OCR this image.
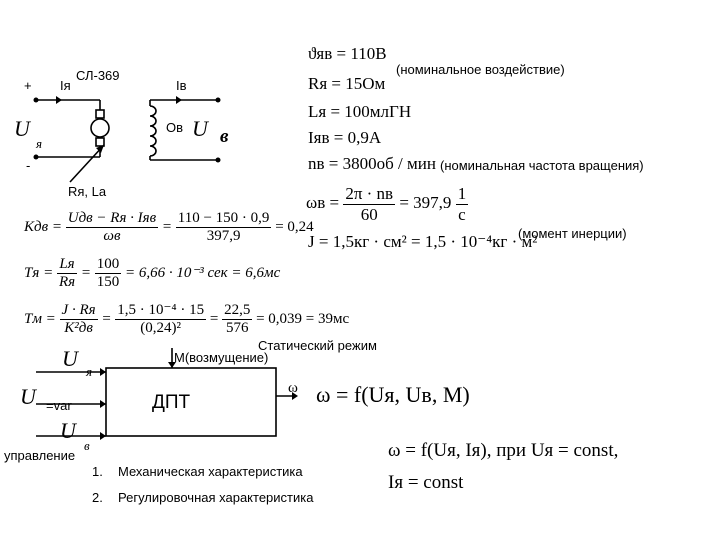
+
-
Iя
СЛ-369
Iв
Ов
U
я
U в
Rя, La
ϑяв = 110В
(номинальное воздействие)
Rя = 15Ом
Lя = 100млГН
Iяв = 0,9А
nв = 3800об / мин (номинальная частота вращения)
$\omega в = \frac{2\pi \cdot nв}{60} = 397,9 \frac{1}{с}$
J = 1,5кг · см² = 1,5 · 10⁻⁴кг · м²
(момент инерции)
Kдв = $\frac{\text{Uдв − Rя · Iяв}}{\omega в} = \frac{110 - 150 \cdot 0,9}{397,9} = 0,24$
Tя = $\frac{Lя}{Rя} = \frac{100}{150} = 6,66 \cdot 10^{-3}$ сек = 6,6мс
Tм = $\frac{J \cdot Rя}{\text{K²дв}} = \frac{\text{1,5 · 10⁻⁴ · 15}}{\text{(0,24)²}} = \frac{22,5}{576} = 0,039 = 39мс$
Статический режим
M(возмущение)
U
я
U =var
U
в
управление
ДПТ
ω ω = f(Uя, Uв, M)
ω = f(Uя, Iя), при Uя = const,
Iя = const
1. Механическая характеристика
2. Регулировочная характеристика
